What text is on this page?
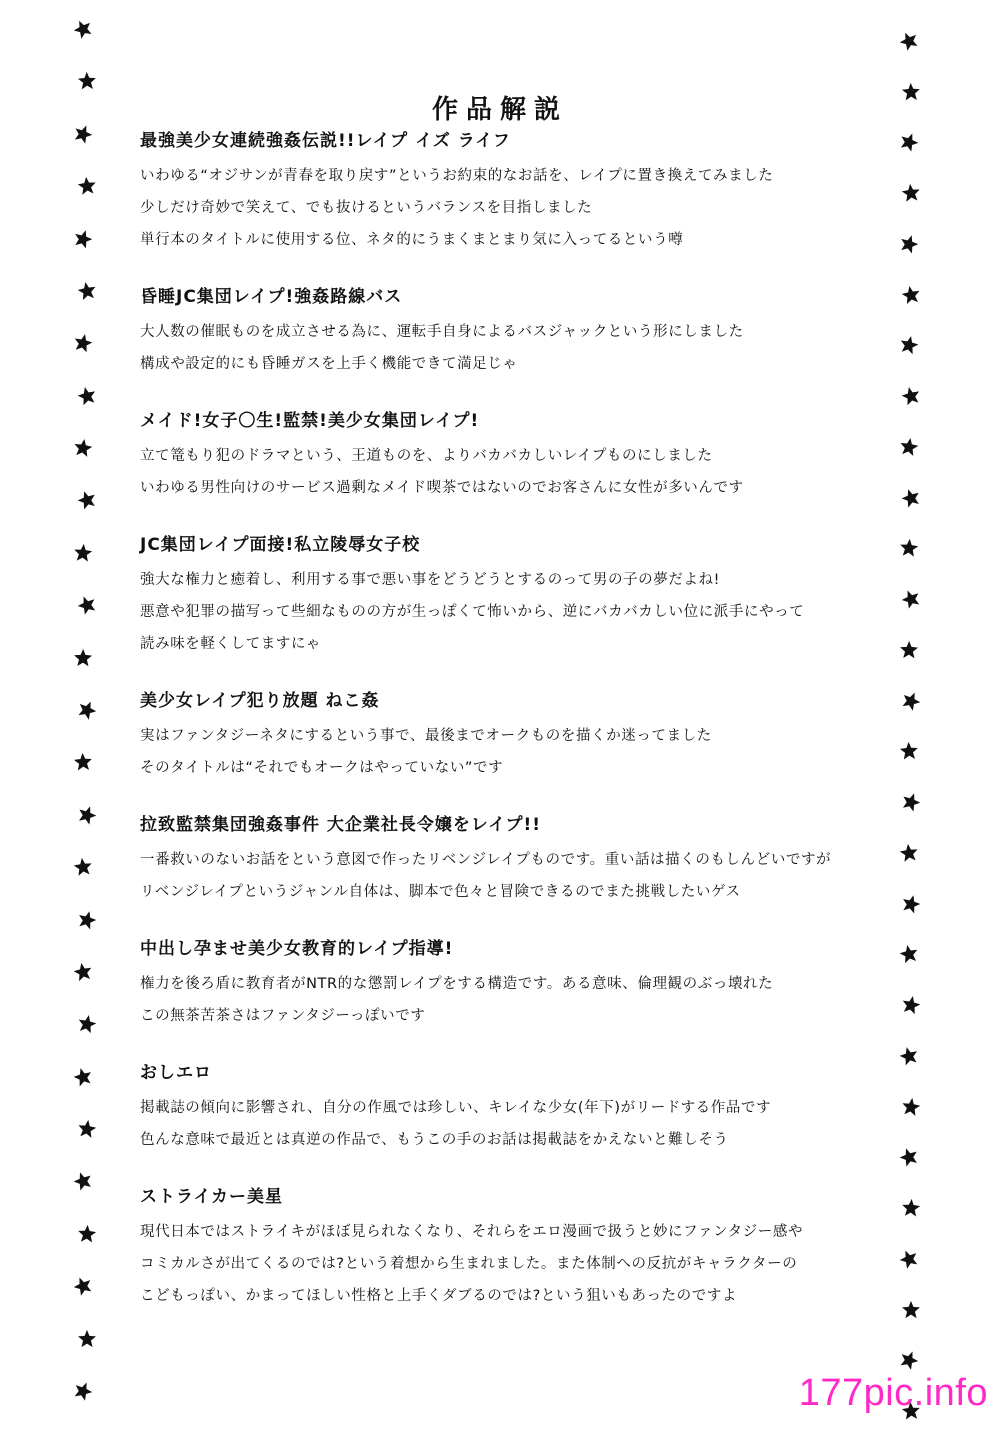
作品解説
最強美少女連続強姦伝説!!レイプ イズ ライフ

いわゆる“オジサンが青春を取り戻す”というお約束的なお話を、レイプに置き換えてみました

少しだけ奇妙で笑えて、でも抜けるというバランスを目指しました

単行本のタイトルに使用する位、ネタ的にうまくまとまり気に入ってるという噂

昏睡JC集団レイプ!強姦路線バス

大人数の催眠ものを成立させる為に、運転手自身によるバスジャックという形にしました

構成や設定的にも昏睡ガスを上手く機能できて満足じゃ

メイド!女子〇生!監禁!美少女集団レイプ!

立て篭もり犯のドラマという、王道ものを、よりバカバカしいレイプものにしました

いわゆる男性向けのサービス過剰なメイド喫茶ではないのでお客さんに女性が多いんです

JC集団レイプ面接!私立陵辱女子校

強大な権力と癒着し、利用する事で悪い事をどうどうとするのって男の子の夢だよね!

悪意や犯罪の描写って些細なものの方が生っぽくて怖いから、逆にバカバカしい位に派手にやって

読み味を軽くしてますにゃ

美少女レイプ犯り放題 ねこ姦

実はファンタジーネタにするという事で、最後までオークものを描くか迷ってました

そのタイトルは“それでもオークはやっていない”です

拉致監禁集団強姦事件 大企業社長令嬢をレイプ!!

一番救いのないお話をという意図で作ったリベンジレイプものです。重い話は描くのもしんどいですが

リベンジレイプというジャンル自体は、脚本で色々と冒険できるのでまた挑戦したいゲス

中出し孕ませ美少女教育的レイプ指導!

権力を後ろ盾に教育者がNTR的な懲罰レイプをする構造です。ある意味、倫理観のぶっ壊れた

この無茶苦茶さはファンタジーっぽいです

おしエロ

掲載誌の傾向に影響され、自分の作風では珍しい、キレイな少女(年下)がリードする作品です

色んな意味で最近とは真逆の作品で、もうこの手のお話は掲載誌をかえないと難しそう

ストライカー美星

現代日本ではストライキがほぼ見られなくなり、それらをエロ漫画で扱うと妙にファンタジー感や

コミカルさが出てくるのでは?という着想から生まれました。また体制への反抗がキャラクターの

こどもっぽい、かまってほしい性格と上手くダブるのでは?という狙いもあったのですよ

177pic.info
